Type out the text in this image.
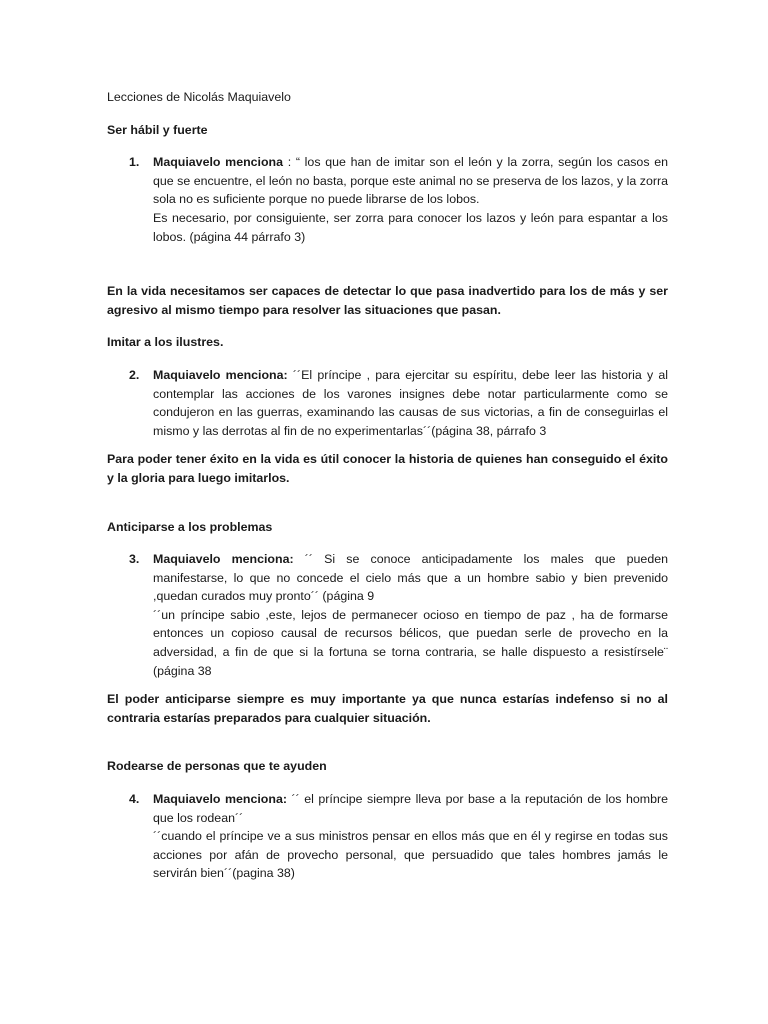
Lecciones de Nicolás Maquiavelo

Ser hábil y fuerte

1.	Maquiavelo menciona : “ los que han de imitar son el león y la zorra, según los casos en que se encuentre, el león no basta, porque este animal no se preserva de los lazos, y la zorra sola no es suficiente porque no puede librarse de los lobos.

Es necesario, por consiguiente, ser zorra para conocer los lazos y león para espantar a los lobos. (página 44 párrafo 3)

En la vida necesitamos ser capaces de detectar lo que pasa inadvertido para los de más y ser agresivo al mismo tiempo para resolver las situaciones que pasan.

Imitar a los ilustres.

2.	Maquiavelo menciona: ´´El príncipe , para ejercitar su espíritu, debe leer las historia y al contemplar las acciones de los varones insignes debe notar particularmente como se condujeron en las guerras, examinando las causas de sus victorias, a fin de conseguirlas el mismo y las derrotas al fin de no experimentarlas´´(página 38, párrafo 3

Para poder tener éxito en la vida es útil conocer la historia de quienes han conseguido el éxito y la gloria para luego imitarlos.

Anticiparse a los problemas

3.	Maquiavelo menciona: ´´ Si se conoce anticipadamente los males que pueden manifestarse, lo que no concede el cielo más que a un hombre sabio y bien prevenido ,quedan curados muy pronto´´ (página 9

´´un príncipe sabio ,este, lejos de permanecer ocioso en tiempo de paz , ha de formarse entonces un copioso causal de recursos bélicos, que puedan serle de provecho en la adversidad, a fin de que si la fortuna se torna contraria, se halle dispuesto a resistírsele¨ (página 38

El poder anticiparse siempre es muy importante ya que nunca estarías indefenso si no al contraria estarías preparados para cualquier situación.

Rodearse de personas que te ayuden

4.	Maquiavelo menciona: ´´ el príncipe siempre lleva por base a la reputación de los hombre que los rodean´´

´´cuando el príncipe ve a sus ministros pensar en ellos más que en él y regirse en todas sus acciones por afán de provecho personal, que persuadido que tales hombres jamás le servirán bien´´(pagina 38)
